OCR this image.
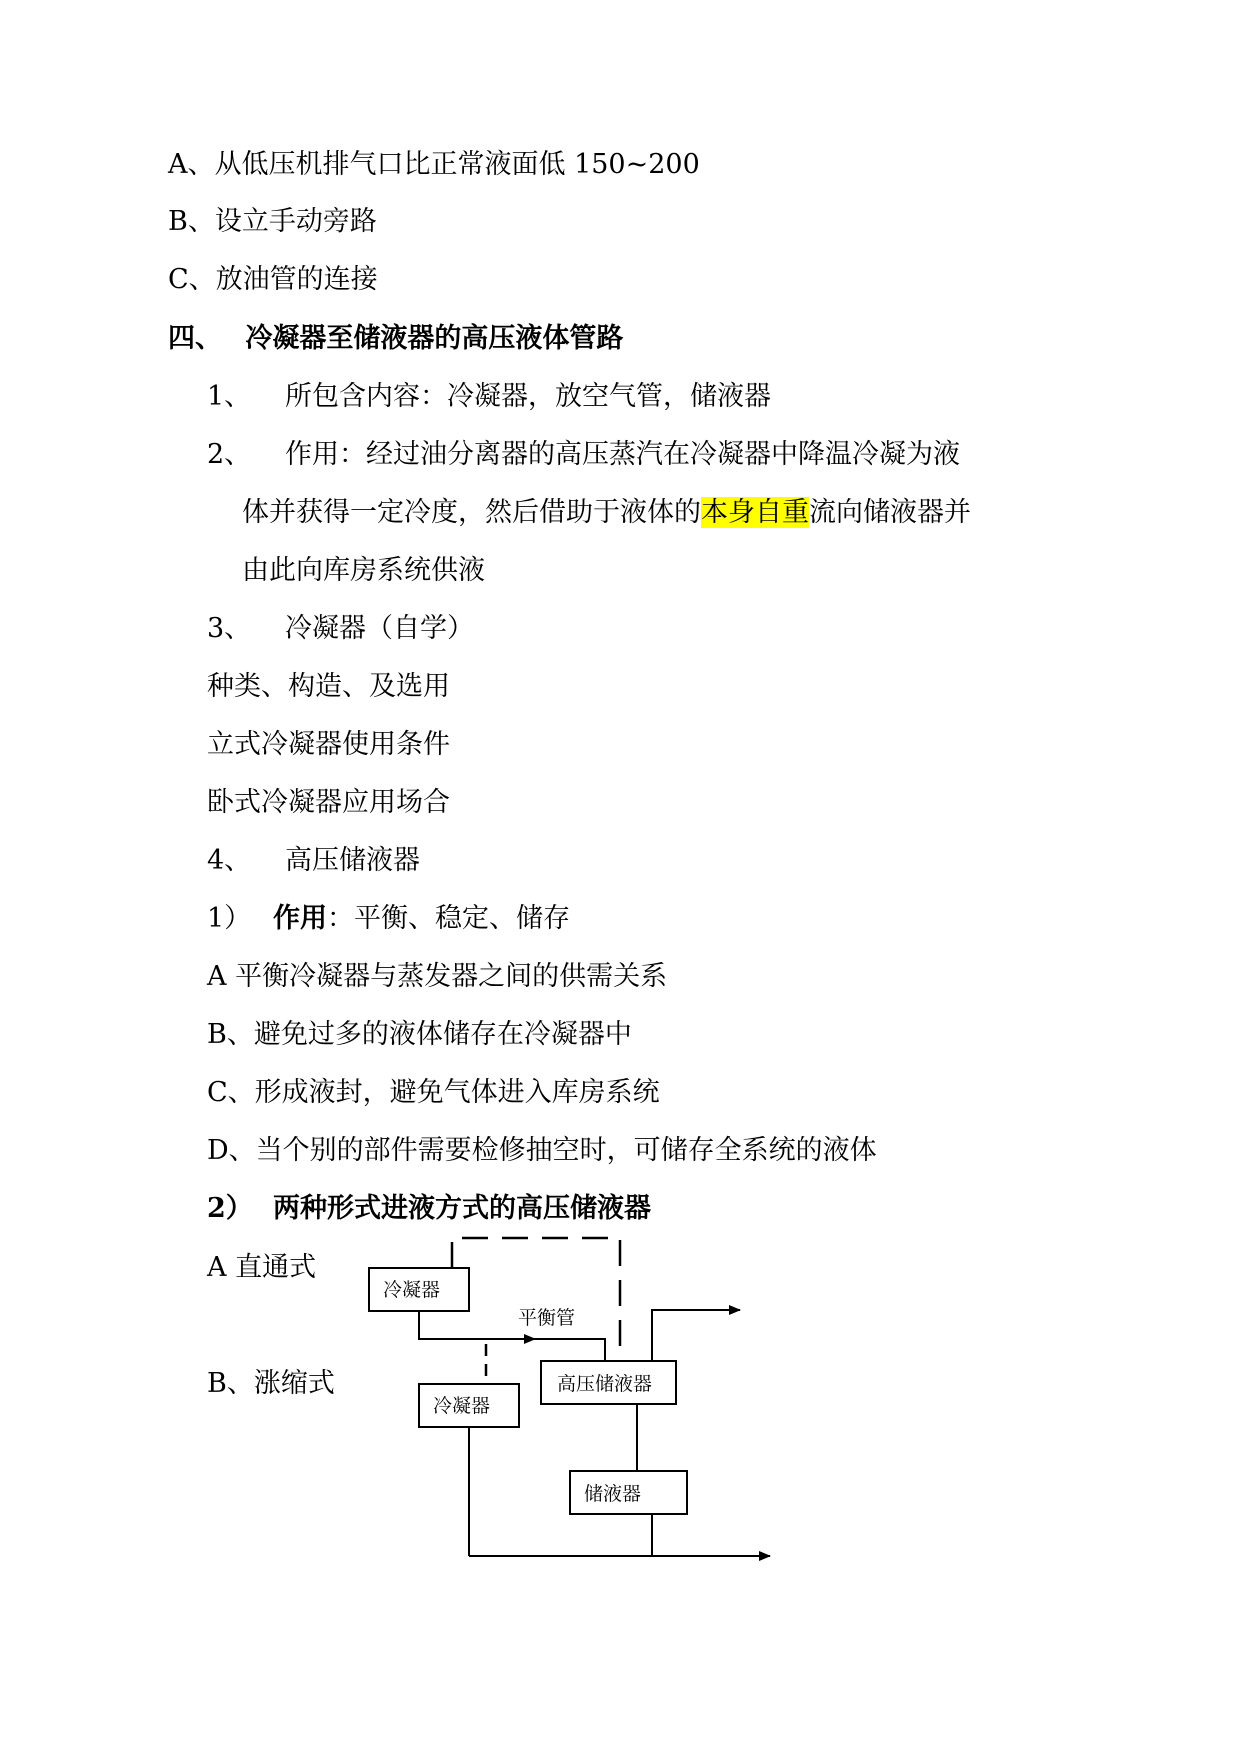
A、从低压机排气口比正常液面低 150~200
B、设立手动旁路
C、放油管的连接
四、 冷凝器至储液器的高压液体管路
1、 所包含内容：冷凝器，放空气管，储液器
2、 作用：经过油分离器的高压蒸汽在冷凝器中降温冷凝为液
体并获得一定冷度，然后借助于液体的本身自重流向储液器并
由此向库房系统供液
3、 冷凝器（自学）
种类、构造、及选用
立式冷凝器使用条件
卧式冷凝器应用场合
4、 高压储液器
1） 作用：平衡、稳定、储存
A 平衡冷凝器与蒸发器之间的供需关系
B、避免过多的液体储存在冷凝器中
C、形成液封，避免气体进入库房系统
D、当个别的部件需要检修抽空时，可储存全系统的液体
2） 两种形式进液方式的高压储液器
A 直通式
B、涨缩式
冷凝器
高压储液器
冷凝器
储液器
平衡管
